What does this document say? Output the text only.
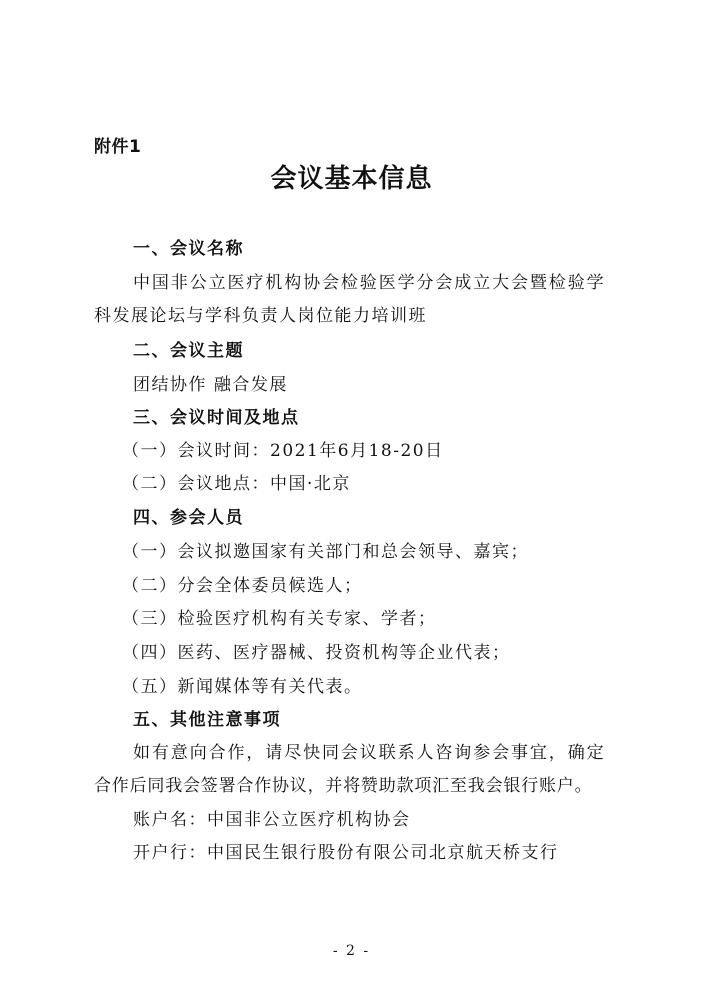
附件1
会议基本信息
一、会议名称
中国非公立医疗机构协会检验医学分会成立大会暨检验学
科发展论坛与学科负责人岗位能力培训班
二、会议主题
团结协作 融合发展
三、会议时间及地点
（一）会议时间：2021年6月18-20日
（二）会议地点：中国·北京
四、参会人员
（一）会议拟邀国家有关部门和总会领导、嘉宾；
（二）分会全体委员候选人；
（三）检验医疗机构有关专家、学者；
（四）医药、医疗器械、投资机构等企业代表；
（五）新闻媒体等有关代表。
五、其他注意事项
如有意向合作，请尽快同会议联系人咨询参会事宜，确定
合作后同我会签署合作协议，并将赞助款项汇至我会银行账户。
账户名：中国非公立医疗机构协会
开户行：中国民生银行股份有限公司北京航天桥支行
- 2 -
